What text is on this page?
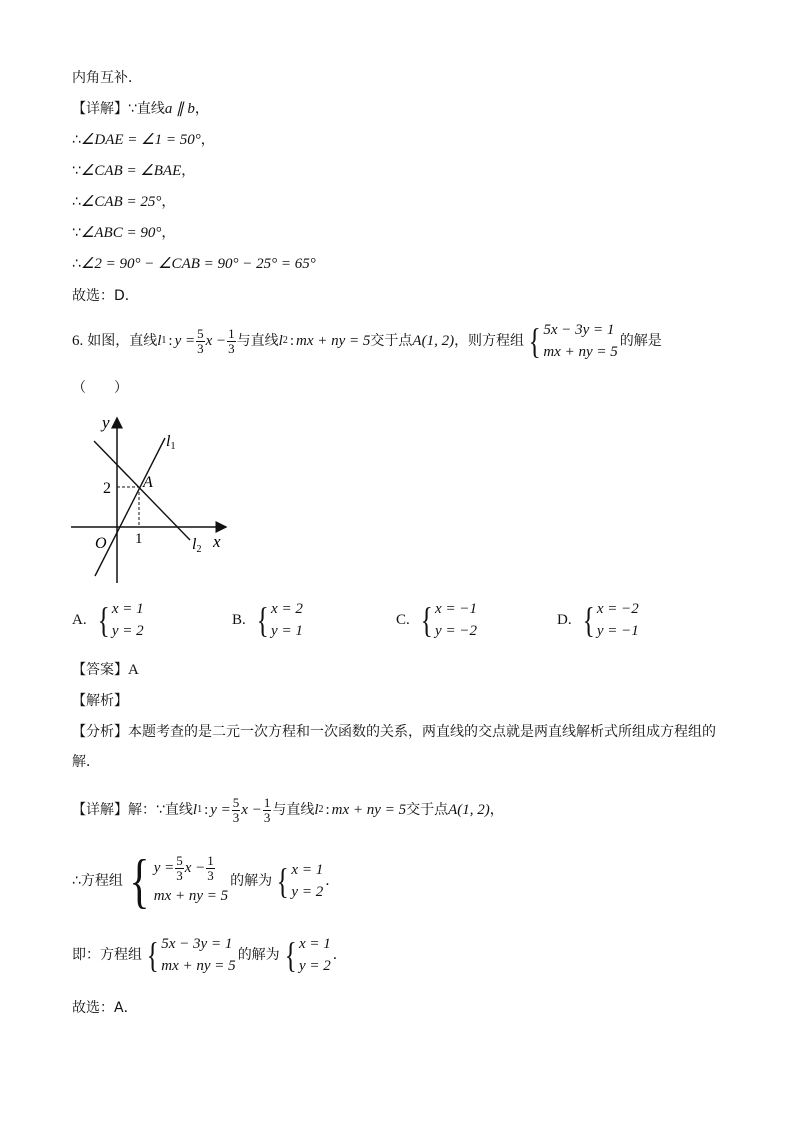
内角互补．
【详解】∵直线a ∥ b，
∴∠DAE = ∠1 = 50°，
∵∠CAB = ∠BAE，
∴∠CAB = 25°，
∵∠ABC = 90°，
∴∠2 = 90° − ∠CAB = 90° − 25° = 65°
故选：D．
6. 如图，直线 l 1 : $y = \frac{5}{3}$ $x - \frac{1}{3}$ 与直线 l 2 : mx + ny = 5 交于点 A(1, 2) ，则方程组 { 5x − 3y = 1
mx + ny = 5
的解是
（　　）
y
x
O
2
1
A
l1
l2
A. { x = 1
y = 2
B. { x = 2
y = 1
C. { x = −1
y = −2
D. { x = −2
y = −1
【答案】A
【解析】
【分析】本题考查的是二元一次方程和一次函数的关系，两直线的交点就是两直线解析式所组成方程组的
解．
【详解】 解：∵直线 l 1 : $y = \frac{5}{3}$ $x - \frac{1}{3}$ 与直线 l 2 : mx + ny = 5 交于点 A(1, 2) ，
∴方程组 { $y = \frac{5}{3}$ $x - \frac{1}{3}$
mx + ny = 5
的解为 { x = 1
y = 2
．
即：方程组 { 5x − 3y = 1
mx + ny = 5
的解为 { x = 1
y = 2
．
故选：A．
